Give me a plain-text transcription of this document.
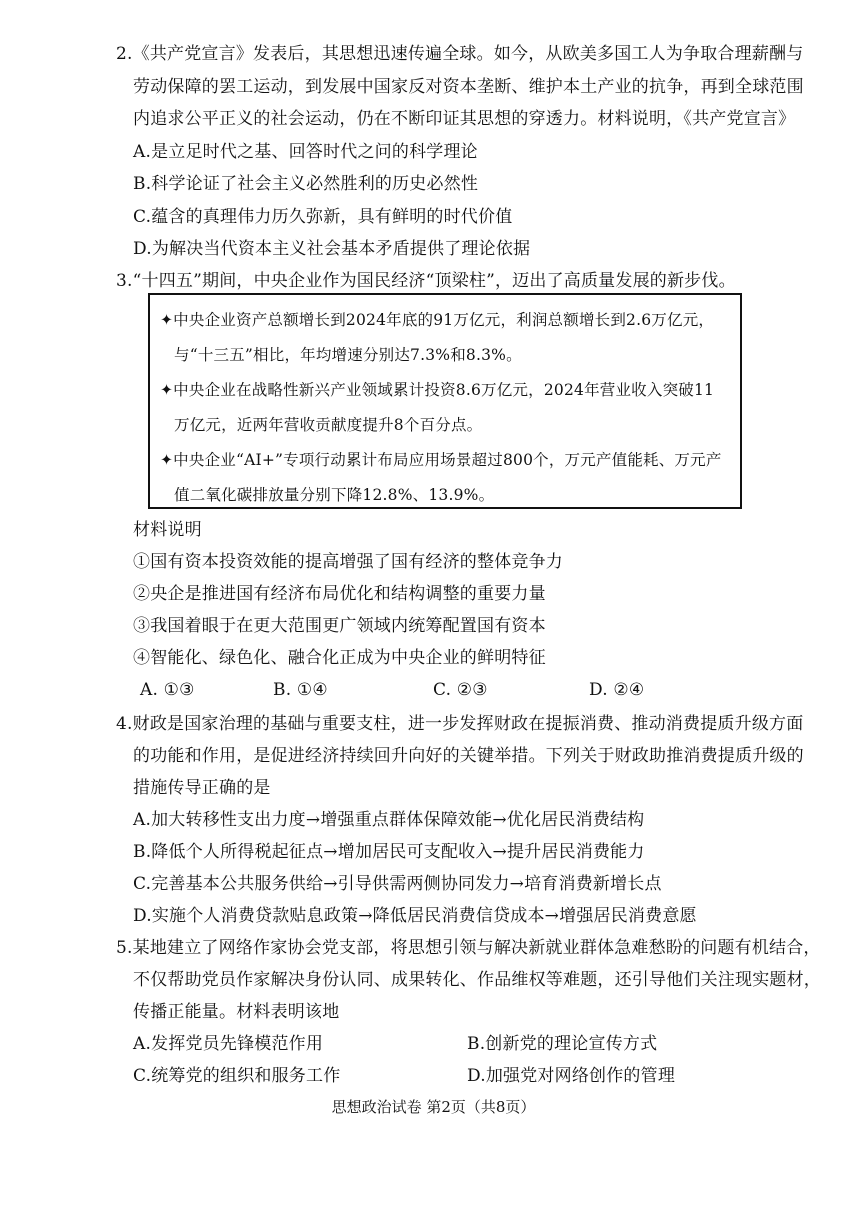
2.《共产党宣言》发表后，其思想迅速传遍全球。如今，从欧美多国工人为争取合理薪酬与
劳动保障的罢工运动，到发展中国家反对资本垄断、维护本土产业的抗争，再到全球范围
内追求公平正义的社会运动，仍在不断印证其思想的穿透力。材料说明，《共产党宣言》
A.是立足时代之基、回答时代之问的科学理论
B.科学论证了社会主义必然胜利的历史必然性
C.蕴含的真理伟力历久弥新，具有鲜明的时代价值
D.为解决当代资本主义社会基本矛盾提供了理论依据
3.“十四五”期间，中央企业作为国民经济“顶梁柱”，迈出了高质量发展的新步伐。
✦中央企业资产总额增长到2024年底的91万亿元，利润总额增长到2.6万亿元，
与“十三五”相比，年均增速分别达7.3%和8.3%。
✦中央企业在战略性新兴产业领域累计投资8.6万亿元，2024年营业收入突破11
万亿元，近两年营收贡献度提升8个百分点。
✦中央企业“AI+”专项行动累计布局应用场景超过800个，万元产值能耗、万元产
值二氧化碳排放量分别下降12.8%、13.9%。
材料说明
①国有资本投资效能的提高增强了国有经济的整体竞争力
②央企是推进国有经济布局优化和结构调整的重要力量
③我国着眼于在更大范围更广领域内统筹配置国有资本
④智能化、绿色化、融合化正成为中央企业的鲜明特征
A. ①③	B. ①④	C. ②③	D. ②④
4.财政是国家治理的基础与重要支柱，进一步发挥财政在提振消费、推动消费提质升级方面
的功能和作用，是促进经济持续回升向好的关键举措。下列关于财政助推消费提质升级的
措施传导正确的是
A.加大转移性支出力度→增强重点群体保障效能→优化居民消费结构
B.降低个人所得税起征点→增加居民可支配收入→提升居民消费能力
C.完善基本公共服务供给→引导供需两侧协同发力→培育消费新增长点
D.实施个人消费贷款贴息政策→降低居民消费信贷成本→增强居民消费意愿
5.某地建立了网络作家协会党支部，将思想引领与解决新就业群体急难愁盼的问题有机结合，
不仅帮助党员作家解决身份认同、成果转化、作品维权等难题，还引导他们关注现实题材，
传播正能量。材料表明该地
A.发挥党员先锋模范作用	B.创新党的理论宣传方式
C.统筹党的组织和服务工作	D.加强党对网络创作的管理
思想政治试卷 第2页（共8页）
